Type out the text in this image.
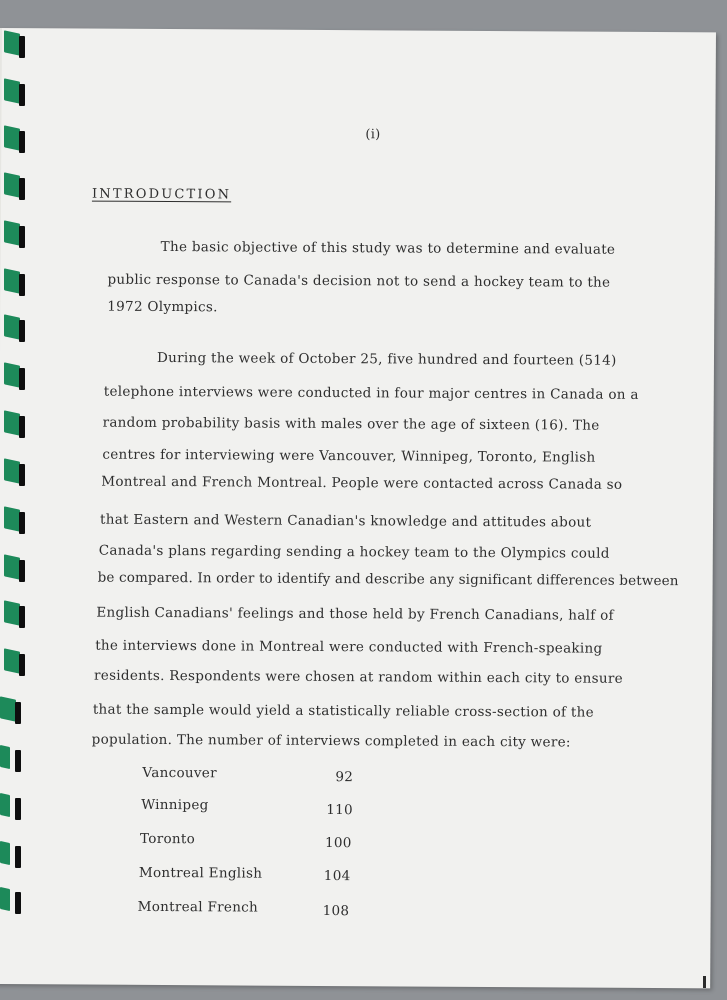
(i)
INTRODUCTION
The basic objective of this study was to determine and evaluate
public response to Canada's decision not to send a hockey team to the
1972 Olympics.
During the week of October 25, five hundred and fourteen (514)
telephone interviews were conducted in four major centres in Canada on a
random probability basis with males over the age of sixteen (16). The
centres for interviewing were Vancouver, Winnipeg, Toronto, English
Montreal and French Montreal. People were contacted across Canada so
that Eastern and Western Canadian's knowledge and attitudes about
Canada's plans regarding sending a hockey team to the Olympics could
be compared. In order to identify and describe any significant differences between
English Canadians' feelings and those held by French Canadians, half of
the interviews done in Montreal were conducted with French-speaking
residents. Respondents were chosen at random within each city to ensure
that the sample would yield a statistically reliable cross-section of the
population. The number of interviews completed in each city were:
Vancouver	92
Winnipeg	110
Toronto	100
Montreal English	104
Montreal French	108
